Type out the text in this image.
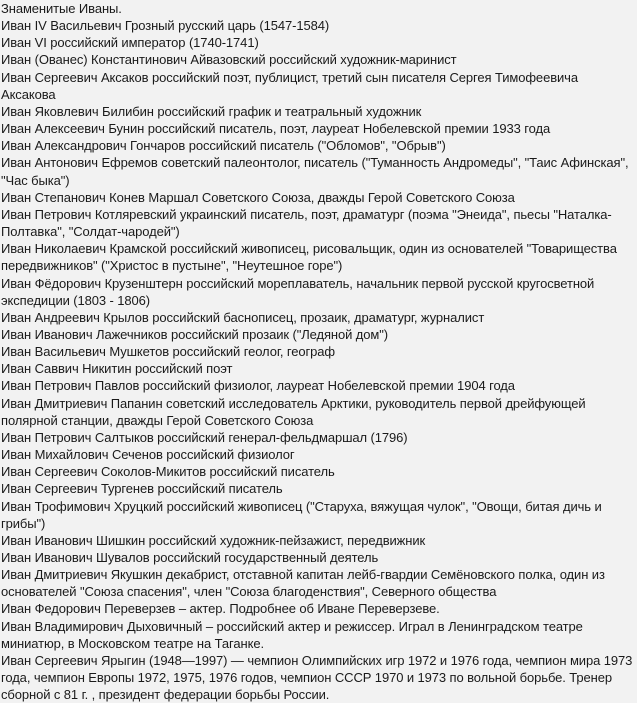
Знаменитые Иваны.

Иван IV Васильевич Грозный русский царь (1547-1584)
Иван VI российский император (1740-1741)
Иван (Ованес) Константинович Айвазовский российский художник-маринист
Иван Сергеевич Аксаков российский поэт, публицист, третий сын писателя Сергея Тимофеевича Аксакова
Иван Яковлевич Билибин российский график и театральный художник
Иван Алексеевич Бунин российский писатель, поэт, лауреат Нобелевской премии 1933 года
Иван Александрович Гончаров российский писатель ("Обломов", "Обрыв")
Иван Антонович Ефремов советский палеонтолог, писатель ("Туманность Андромеды", "Таис Афинская", "Час быка")
Иван Степанович Конев Маршал Советского Союза, дважды Герой Советского Союза
Иван Петрович Котляревский украинский писатель, поэт, драматург (поэма "Энеида", пьесы "Наталка-Полтавка", "Солдат-чародей")
Иван Николаевич Крамской российский живописец, рисовальщик, один из основателей "Товарищества передвижников" ("Христос в пустыне", "Неутешное горе")
Иван Фёдорович Крузенштерн российский мореплаватель, начальник первой русской кругосветной экспедиции (1803 - 1806)
Иван Андреевич Крылов российский баснописец, прозаик, драматург, журналист
Иван Иванович Лажечников российский прозаик ("Ледяной дом")
Иван Васильевич Мушкетов российский геолог, географ
Иван Саввич Никитин российский поэт
Иван Петрович Павлов российский физиолог, лауреат Нобелевской премии 1904 года
Иван Дмитриевич Папанин советский исследователь Арктики, руководитель первой дрейфующей полярной станции, дважды Герой Советского Союза
Иван Петрович Салтыков российский генерал-фельдмаршал (1796)
Иван Михайлович Сеченов российский физиолог
Иван Сергеевич Соколов-Микитов российский писатель
Иван Сергеевич Тургенев российский писатель
Иван Трофимович Хруцкий российский живописец ("Старуха, вяжущая чулок", "Овощи, битая дичь и грибы")
Иван Иванович Шишкин российский художник-пейзажист, передвижник
Иван Иванович Шувалов российский государственный деятель
Иван Дмитриевич Якушкин декабрист, отставной капитан лейб-гвардии Семёновского полка, один из основателей "Союза спасения", член "Союза благоденствия", Северного общества
Иван Федорович Переверзев – актер. Подробнее об Иване Переверзеве.
Иван Владимирович Дыховичный – российский актер и режиссер. Играл в Ленинградском театре миниатюр, в Московском театре на Таганке.
Иван Сергеевич Ярыгин (1948—1997) — чемпион Олимпийских игр 1972 и 1976 года, чемпион мира 1973 года, чемпион Европы 1972, 1975, 1976 годов, чемпион СССР 1970 и 1973 по вольной борьбе. Тренер сборной с 81 г. , президент федерации борьбы России.
